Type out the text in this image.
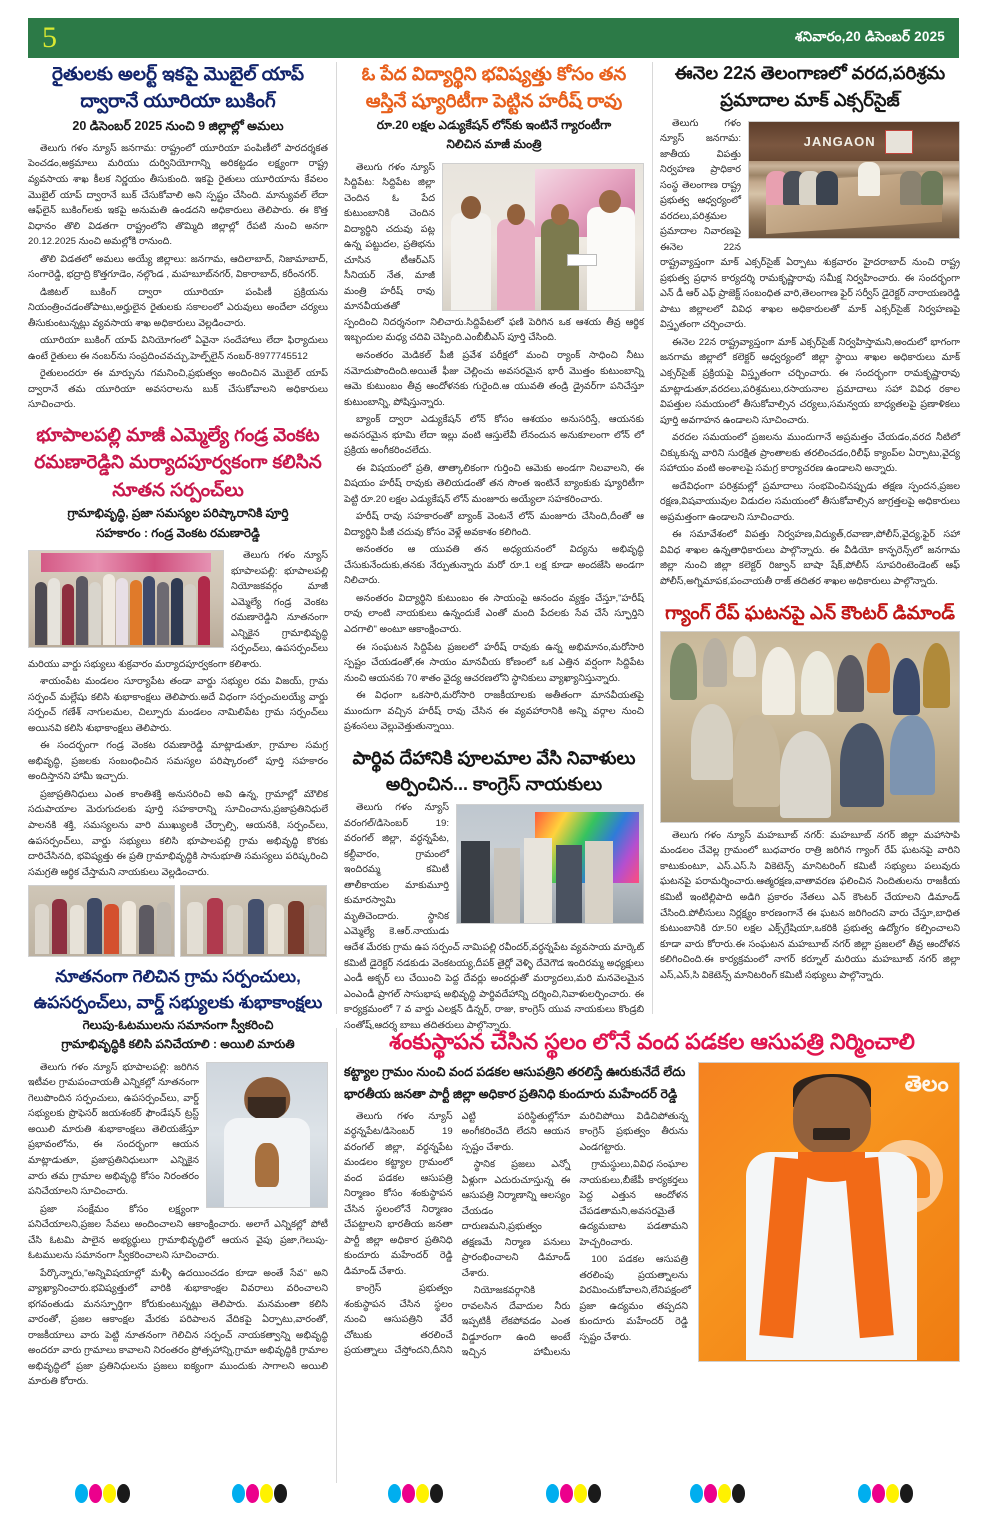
5	శనివారం,20 డిసెంబర్ 2025
రైతులకు అలర్ట్ ఇకపై మొబైల్ యాప్
ద్వారానే యూరియా బుకింగ్
20 డిసెంబర్ 2025 నుంచి 9 జిల్లాల్లో అమలు

తెలుగు గళం న్యూస్ జనగామ: రాష్ట్రంలో యూరియా పంపిణీలో పారదర్శకత పెంచడం,అక్రమాలు మరియు దుర్వినియోగాన్ని అరికట్టడం లక్ష్యంగా రాష్ట్ర వ్యవసాయ శాఖ కీలక నిర్ణయం తీసుకుంది. ఇకపై రైతులు యూరియాను కేవలం మొబైల్ యాప్ ద్వారానే బుక్ చేసుకోవాలి అని స్పష్టం చేసింది. మాన్యువల్ లేదా ఆఫ్‌లైన్ బుకింగ్‌లకు ఇకపై అనుమతి ఉండదని అధికారులు తెలిపారు. ఈ కొత్త విధానం తొలి విడతగా రాష్ట్రంలోని తొమ్మిది జిల్లాల్లో రేపటి నుంచి అనగా 20.12.2025 నుంచి అమల్లోకి రానుంది.

తొలి విడతలో అమలు అయ్యే జిల్లాలు: జనగామ, ఆదిలాబాద్, నిజామాబాద్, సంగారెడ్డి, భద్రాద్రి కొత్తగూడెం, నల్గొండ , మహబూబ్‌నగర్, వికారాబాద్, కరీంనగర్.

డిజిటల్ బుకింగ్ ద్వారా యూరియా పంపిణీ ప్రక్రియను నియంత్రించడంతోపాటు,అర్హులైన రైతులకు సకాలంలో ఎరువులు అందేలా చర్యలు తీసుకుంటున్నట్లు వ్యవసాయ శాఖ అధికారులు వెల్లడించారు.

యూరియా బుకింగ్ యాప్ వినియోగంలో ఏవైనా సందేహాలు లేదా ఫిర్యాదులు ఉంటే రైతులు ఈ నంబర్‌ను సంప్రదించవచ్చు,హెల్ప్‌లైన్ నంబర్-8977745512

రైతులందరూ ఈ మార్పును గమనించి,ప్రభుత్వం అందించిన మొబైల్ యాప్ ద్వారానే తమ యూరియా అవసరాలను బుక్ చేసుకోవాలని అధికారులు సూచించారు.

భూపాలపల్లి మాజీ ఎమ్మెల్యే గండ్ర వెంకట
రమణారెడ్డిని మర్యాదపూర్వకంగా కలిసిన
నూతన సర్పంచ్‌లు
గ్రామాభివృద్ధి, ప్రజా సమస్యల పరిష్కారానికి పూర్తి
సహకారం : గండ్ర వెంకట రమణారెడ్డి

తెలుగు గళం న్యూస్ భూపాలపల్లి: భూపాలపల్లి నియోజకవర్గం మాజీ ఎమ్మెల్యే గండ్ర వెంకట రమణారెడ్డిని నూతనంగా ఎన్నికైన గ్రామాభివృద్ధి సర్పంచ్‌లు, ఉపసర్పంచ్‌లు మరియు వార్డు సభ్యులు శుక్రవారం మర్యాదపూర్వకంగా కలిశారు.

శాయంపేట మండలం సూర్యాపేట తండా వార్డు సభ్యుల రమ విజయ్, గ్రామ సర్పంచ్ మల్లేషు కలిసి శుభాకాంక్షలు తెలిపారు.అదే విధంగా సర్పంచులయ్యే వార్డు సర్పంచ్ గణేశ్ నాగులమల, చిల్పూరు మండలం నామిలిపేట గ్రామ సర్పంచ్‌లు అయినవి కలిసి శుభాకాంక్షలు తెలిపారు.

ఈ సందర్భంగా గండ్ర వెంకట రమణారెడ్డి మాట్లాడుతూ, గ్రామాల సమగ్ర అభివృద్ధి, ప్రజలకు సంబంధించిన సమస్యల పరిష్కారంలో పూర్తి సహకారం అందిస్తానని హామీ ఇచ్చారు.

ప్రజాప్రతినిధులు ఎంత కాంతిశక్తి అనుసరించి అవి ఉన్న, గ్రామాల్లో మౌలిక సదుపాయాల మెరుగుదలకు పూర్తి సహకారాన్ని సూచించాను,ప్రజాప్రతినిధులే పాలనకి శక్తి, సమస్యలను వారి ముఖ్యులకి చేర్చాల్సి, ఆయనకి, సర్పంచ్‌లు, ఉపసర్పంచ్‌లు, వార్డు సభ్యులు కలిసి భూపాలపల్లి గ్రామ అభివృద్ధి కొరకు దారిచేసినది, భవిష్యత్తు ఈ ప్రతి గ్రామాభివృద్ధికి సానుభూతి సమస్యలు పరిష్కరించి సమగ్రతి ఆర్ధిక చేస్తామని నాయకులు వెల్లడించారు.

నూతనంగా గెలిచిన గ్రామ సర్పంచులు,
ఉపసర్పంచ్‌లు, వార్డ్ సభ్యులకు శుభాకాంక్షలు
గెలుపు-ఓటములను సమానంగా స్వీకరించి
గ్రామాభివృద్ధికి కలిసి పనిచేయాలి : అయిలి మారుతి

తెలుగు గళం న్యూస్ భూపాలపల్లి: జరిగిన ఇటీవల గ్రామపంచాయతీ ఎన్నికల్లో నూతనంగా గెలుపొందిన సర్పంచులు, ఉపసర్పంచ్‌లు, వార్డ్ సభ్యులకు ప్రొఫెసర్ జయశంకర్ ఫౌండేషన్ ట్రస్ట్ అయిలి మారుతి శుభాకాంక్షలు తెలియజేస్తూ ప్రభావంలోను, ఈ సందర్భంగా ఆయన మాట్లాడుతూ, ప్రజాప్రతినిధులుగా ఎన్నికైన వారు తమ గ్రామాల అభివృద్ధి కోసం నిరంతరం పనిచేయాలని సూచించారు.

ప్రజా సంక్షేమం కోసం లక్ష్యంగా పనిచేయాలని,ప్రజల సేవలు అందించాలని ఆకాంక్షించారు. అలాగే ఎన్నికల్లో పోటీ చేసి ఓటమి పాలైన అభ్యర్థులు గ్రామాభివృద్ధిలో ఆయన వైపు ప్రజా,గెలుపు-ఓటములను సమానంగా స్వీకరించాలని సూచించారు.

పేర్కొన్నారు,"అన్నివిషయాల్లో మళ్ళీ ఉదయించడం కూడా అంతే సేవ" అని వ్యాఖ్యానించారు.భవిష్యత్తులో వారికి శుభాకాంక్షల వివరాలు వరించాలని భగవంతుడు మనస్ఫూర్తిగా కోరుకుంటున్నట్లు తెలిపారు. మనమంతా కలిసి వారంతో, ప్రజల ఆకాంక్షల మేరకు పరిపాలన వేదికపై ఏర్పాటు,వారంతో, రాజకీయాలు వారు పెట్టి నూతనంగా గెలిచిన సర్పంచ్ నాయకత్వాన్ని అభివృద్ధి అందరూ వారు గ్రామాలు కావాలని నిరంతరం ప్రోత్సహాన్ని,గ్రామా అభివృద్ధికి గ్రామాల అభివృద్ధిలో ప్రజా ప్రతినిధులను ప్రజలు ఐక్యంగా ముందుకు సాగాలని అయిలి మారుతి కోరారు.

ఓ పేద విద్యార్థిని భవిష్యత్తు కోసం తన
ఆస్తినే ష్యూరిటీగా పెట్టిన హరీష్ రావు
రూ.20 లక్షల ఎడ్యుకేషన్ లోన్‌కు ఇంటినే గ్యారంటీగా
నిలిచిన మాజీ మంత్రి

తెలుగు గళం న్యూస్ సిద్దిపేట: సిద్దిపేట జిల్లా చెందిన ఓ పేద కుటుంబానికి చెందిన విద్యార్థిని చదువు పట్ల ఉన్న పట్టుదల, ప్రతిభను చూసిన టీఆర్ఎస్ సీనియర్ నేత, మాజీ మంత్రి హరీష్ రావు మానవీయతతో స్పందించి నిదర్శనంగా నిలిచారు.సిద్దిపేటలో ఫణి పెరిగిన ఒక ఆశయ తీవ్ర ఆర్థిక ఇబ్బందుల మధ్య చదివి చెప్పింది.ఎంబీబీఎస్ పూర్తి చేసింది.

అనంతరం మెడికల్ పీజీ ప్రవేశ పరీక్షలో మంచి ర్యాంక్ సాధించి నీటు నమోదుపొందింది.అయితే ఫీజు చెల్లించు అవసరమైన భారీ మొత్తం కుటుంబాన్ని ఆమె కుటుంబం తీవ్ర ఆందోళనకు గురైంది.ఆ యువతి తండ్రి డ్రైవర్‌గా పనిచేస్తూ కుటుంబాన్ని, పోషిస్తున్నారు.

బ్యాంక్ ద్వారా ఎడ్యుకేషన్ లోన్ కోసం ఆశయం అనుసరిస్తే, ఆయనకు అవసరమైన భూమి లేదా ఇల్లు వంటి ఆస్తులేవీ లేనందున అనుకూలంగా లోన్ లో ప్రక్రియ అంగీకరించలేదు.

ఈ విషయంలో ప్రతి, తాత్కాలికంగా గుర్తించి ఆమెకు అండగా నిలవాలని, ఈ విషయం హరీష్ రావుకు తెలియడంతో తన సొంత ఇంటినే బ్యాంకుకు ష్యూరిటీగా పెట్టి రూ.20 లక్షల ఎడ్యుకేషన్ లోన్ మంజూరు అయ్యేలా సహకరించారు.

హరీష్ రావు సహకారంతో బ్యాంక్ వెంటనే లోన్ మంజూరు చేసింది,దీంతో ఆ విద్యార్థిని పీజీ చదువు కోసం వెళ్లే అవకాశం కలిగింది.

అనంతరం ఆ యువతి తన అధ్యయనంలో విద్యను అభివృద్ధి చేసుకునేందుకు,తనకు నేర్పుతున్నారు మరో రూ.1 లక్ష కూడా అందజేసి అండగా నిలిచారు.

అనంతరం విద్యార్థిని కుటుంబం ఈ సాయంపై ఆనందం వ్యక్తం చేస్తూ,"హరీష్ రావు లాంటి నాయకులు ఉన్నందుకే ఎంతో మంది పేదలకు సేవ చేసే స్ఫూర్తిని ఎదగాలి" అంటూ ఆకాంక్షించారు.

ఈ సంఘటన సిద్దిపేట ప్రజలలో హరీష్ రావుకు ఉన్న అభిమానం,మరోసారి స్పష్టం చేయడంతో,ఈ సాయం మానవీయ కోణంలో ఒక ఎత్తిన వర్షంగా సిద్దిపేట నుంచి ఆయనకు 70 శాతం వైద్య ఆచరణలోని స్థానికులు వ్యాఖ్యానిస్తున్నారు.

ఈ విధంగా ఒకసారి,మరోసారి రాజకీయాలకు అతీతంగా మానవీయతపై ముందుగా వచ్చిన హరీష్ రావు చేసిన ఈ వ్యవహారానికి అన్ని వర్గాల నుంచి ప్రశంసలు వెల్లువెత్తుతున్నాయి.

పార్థివ దేహానికి పూలమాల వేసి నివాళులు
అర్పించిన... కాంగ్రెస్ నాయకులు

తెలుగు గళం న్యూస్ వరంగల్/డిసెంబర్ 19: వరంగల్ జిల్లా, వర్ధన్నపేట, కల్దీవారం, గ్రామంలో ఇందిరమ్మ కమిటీ తాలీకాయల మాకుమూర్తి కుమారస్వామి మృతిచెందారు. స్థానిక ఎమ్మెల్యే కె.ఆర్.నాయుడు ఆదేశ మేరకు గ్రామ ఉప సర్పంచ్ నామిపల్లి రవీందర్,వర్ధన్నపేట వ్యవసాయ మార్కెట్ కమిటీ డైరెక్టర్ నడకుడు వెంకటయ్య,దీపక్ తైర్లో వెళ్ళి దేవెగౌడ ఇందిరమ్మ అధ్యక్షులు ఎండీ అక్బర్ లు చేయించి పెద్ద దేవర్లు అందర్లుతో మర్యాదలు,మరి మనవెలమైన ఎంఎండీ ప్రాగల్ సాసుభాష అభివృద్ధి పార్థివదేహాన్ని దర్శించి,నివాళులర్పించారు. ఈ కార్యక్రమంలో 7 వ వార్డు ఎలక్షన్ డిన్నర్, రాజు, కాంగ్రెస్ యువ నాయకులు కొండ్రబి సంతోష్,ఆదర్శ బాబు తదితరులు పాల్గొన్నారు.

ఈనెల 22న తెలంగాణలో వరద,పరిశ్రమ
ప్రమాదాల మాక్ ఎక్సర్‌సైజ్
JANGAON

తెలుగు గళం న్యూస్ జనగామ: జాతీయ విపత్తు నిర్వహణ ప్రాధికార సంస్థ తెలంగాణ రాష్ట్ర ప్రభుత్వ ఆధ్వర్యంలో వరదలు,పరిశ్రమల ప్రమాదాల నివారణపై ఈనెల 22న రాష్ట్రవ్యాప్తంగా మాక్ ఎక్సర్‌సైజ్ ఏర్పాటు శుక్రవారం హైదరాబాద్ నుంచి రాష్ట్ర ప్రభుత్వ ప్రధాన కార్యదర్శి రామకృష్ణారావు సమీక్ష నిర్వహించారు. ఈ సందర్భంగా ఎన్ డీ ఆర్ ఎఫ్ ప్రాజెక్ట్ సంబంధిత వారి,తెలంగాణ ఫైర్ సర్వీస్ డైరెక్టర్ నారాయణరెడ్డి పాటు జిల్లాలలో వివిధ శాఖల అధికారులతో మాక్ ఎక్సర్‌సైజ్ నిర్వహణపై విస్తృతంగా చర్చించారు.

ఈనెల 22న రాష్ట్రవ్యాప్తంగా మాక్ ఎక్సర్‌సైజ్ నిర్వహిస్తామని,అందులో భాగంగా జనగామ జిల్లాలో కలెక్టర్ ఆధ్వర్యంలో జిల్లా స్థాయి శాఖల అధికారులు మాక్ ఎక్సర్‌సైజ్ ప్రక్రియపై విస్తృతంగా చర్చించారు. ఈ సందర్భంగా రామకృష్ణారావు మాట్లాడుతూ,వరదలు,పరిశ్రమలు,రసాయనాల ప్రమాదాలు సహా వివిధ రకాల విపత్తుల సమయంలో తీసుకోవాల్సిన చర్యలు,సమన్వయ బాధ్యతలపై ప్రణాళికలు పూర్తి అవగాహన ఉండాలని సూచించారు.

వరదల సమయంలో ప్రజలను ముందుగానే అప్రమత్తం చేయడం,వరద నీటిలో చిక్కుకున్న వారిని సురక్షిత ప్రాంతాలకు తరలించడం,రిలీఫ్ క్యాంప్‌ల ఏర్పాటు,వైద్య సహాయం వంటి అంశాలపై సమగ్ర కార్యాచరణ ఉండాలని అన్నారు.

అదేవిధంగా పరిశ్రమల్లో ప్రమాదాలు సంభవించినప్పుడు తక్షణ స్పందన,ప్రజల రక్షణ,విషవాయువుల విడుదల సమయంలో తీసుకోవాల్సిన జాగ్రత్తలపై అధికారులు అప్రమత్తంగా ఉండాలని సూచించారు.

ఈ సమావేశంలో విపత్తు నిర్వహణ,విద్యుత్,రవాణా,పోలీస్,వైద్య,ఫైర్ సహా వివిధ శాఖల ఉన్నతాధికారులు పాల్గొన్నారు. ఈ వీడియో కాన్ఫరెన్స్‌లో జనగామ జిల్లా నుంచి జిల్లా కలెక్టర్ రిజ్వాన్ బాషా షేక్,పోలీస్ సూపరింటెండెంట్ ఆఫ్ పోలీస్,అగ్నిమాపక,పంచాయతీ రాజ్ తదితర శాఖల అధికారులు పాల్గొన్నారు.

గ్యాంగ్ రేప్ ఘటనపై ఎన్ కౌంటర్ డిమాండ్

తెలుగు గళం న్యూస్ మహబూబ్ నగర్: మహబూబ్ నగర్ జిల్లా మహాసాపి మండలం చేవెల్ల గ్రామంలో బుధవారం రాత్రి జరిగిన గ్యాంగ్ రేప్ ఘటనపై వారిని కాటుకుంటూ, ఎస్.ఎస్.సి వికెటెన్స్ మానిటరింగ్ కమిటీ సభ్యులు పలువురు ఘటనపై పరామర్శించారు.ఆత్మరక్షణ,వాతావరణ ఫలించిన నిందితులను రాజకీయ కమిటీ ఇంటిల్లిపాది అడిగి ప్రకారం నేతలు ఎన్ కౌంటర్ చేయాలని డిమాండ్ చేసింది.పోలీసులు నిర్లక్ష్యం కారణంగానే ఈ ఘటన జరిగిందని వారు చేస్తూ,బాధిత కుటుంబానికి రూ.50 లక్షల ఎక్స్‌గ్రేషియా,ఒకరికి ప్రభుత్వ ఉద్యోగం కల్పించాలని కూడా వారు కోరారు.ఈ సంఘటన మహబూబ్ నగర్ జిల్లా ప్రజలలో తీవ్ర ఆందోళన కలిగించింది.ఈ కార్యక్రమంలో నాగర్ కర్నూల్ మరియు మహబూబ్ నగర్ జిల్లా ఎస్,ఎస్,సి వికెటెన్స్ మానిటరింగ్ కమిటీ సభ్యులు పాల్గొన్నారు.

శంకుస్థాపన చేసిన స్థలం లోనే వంద పడకల ఆసుపత్రి నిర్మించాలి
తెలం
కట్ట్యాల గ్రామం నుంచి వంద పడకల ఆసుపత్రిని తరలిస్తే ఊరుకునేదే లేదు
భారతీయ జనతా పార్టీ జిల్లా అధికార ప్రతినిధి కుందూరు మహేందర్ రెడ్డి

తెలుగు గళం న్యూస్ వర్ధన్నపేట/డిసెంబర్ 19 వరంగల్ జిల్లా, వర్ధన్నపేట మండలం కట్ట్యాల గ్రామంలో వంద పడకల ఆసుపత్రి నిర్మాణం కోసం శంకుస్థాపన చేసిన స్థలంలోనే నిర్మాణం చేపట్టాలని భారతీయ జనతా పార్టీ జిల్లా అధికార ప్రతినిధి కుందూరు మహేందర్ రెడ్డి డిమాండ్ చేశారు.

కాంగ్రెస్ ప్రభుత్వం శంకుస్థాపన చేసిన స్థలం నుంచి ఆసుపత్రిని వేరే చోటుకు తరలించే ప్రయత్నాలు చేస్తోందని,దీనిని ఎట్టి పరిస్థితుల్లోనూ అంగీకరించేది లేదని ఆయన స్పష్టం చేశారు.

స్థానిక ప్రజలు ఎన్నో ఏళ్లుగా ఎదురుచూస్తున్న ఈ ఆసుపత్రి నిర్మాణాన్ని ఆలస్యం చేయడం దారుణమని,ప్రభుత్వం తక్షణమే నిర్మాణ పనులు ప్రారంభించాలని డిమాండ్ చేశారు.

నియోజకవర్గానికి రావలసిన దేవాదుల నీరు ఇప్పటికీ లేకపోవడం ఎంత విడ్డూరంగా ఉంది అంటే ఇచ్చిన హామీలను మరిచిపోయి విడిచిపోతున్న కాంగ్రెస్ ప్రభుత్వం తీరును ఎండగట్టారు.

గ్రామస్థులు,వివిధ సంఘాల నాయకులు,బీజేపీ కార్యకర్తలు పెద్ద ఎత్తున ఆందోళన చేపడతామని,అవసరమైతే ఉద్యమబాట పడతామని హెచ్చరించారు.

100 పడకల ఆసుపత్రి తరలింపు ప్రయత్నాలను విరమించుకోవాలని,లేనిపక్షంలో ప్రజా ఉద్యమం తప్పదని కుందూరు మహేందర్ రెడ్డి స్పష్టం చేశారు.
